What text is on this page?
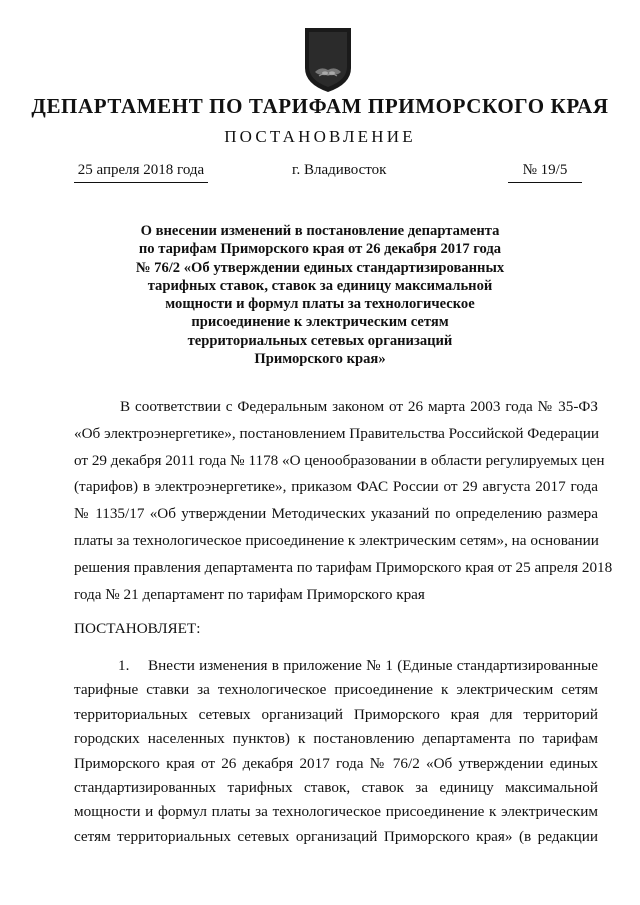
ДЕПАРТАМЕНТ ПО ТАРИФАМ ПРИМОРСКОГО КРАЯ
ПОСТАНОВЛЕНИЕ
25 апреля 2018 года	г. Владивосток	№ 19/5
О внесении изменений в постановление департамента
по тарифам Приморского края от 26 декабря 2017 года
№ 76/2 «Об утверждении единых стандартизированных
тарифных ставок, ставок за единицу максимальной
мощности и формул платы за технологическое
присоединение к электрическим сетям
территориальных сетевых организаций
Приморского края»
В соответствии с Федеральным законом от 26 марта 2003 года № 35-ФЗ
«Об электроэнергетике», постановлением Правительства Российской Федерации
от 29 декабря 2011 года № 1178 «О ценообразовании в области регулируемых цен
(тарифов) в электроэнергетике», приказом ФАС России от 29 августа 2017 года
№ 1135/17 «Об утверждении Методических указаний по определению размера
платы за технологическое присоединение к электрическим сетям», на основании
решения правления департамента по тарифам Приморского края от 25 апреля 2018
года № 21 департамент по тарифам Приморского края
ПОСТАНОВЛЯЕТ:
1. Внести изменения в приложение № 1 (Единые стандартизированные
тарифные ставки за технологическое присоединение к электрическим сетям
территориальных сетевых организаций Приморского края для территорий
городских населенных пунктов) к постановлению департамента по тарифам
Приморского края от 26 декабря 2017 года № 76/2 «Об утверждении единых
стандартизированных тарифных ставок, ставок за единицу максимальной
мощности и формул платы за технологическое присоединение к электрическим
сетям территориальных сетевых организаций Приморского края» (в редакции
